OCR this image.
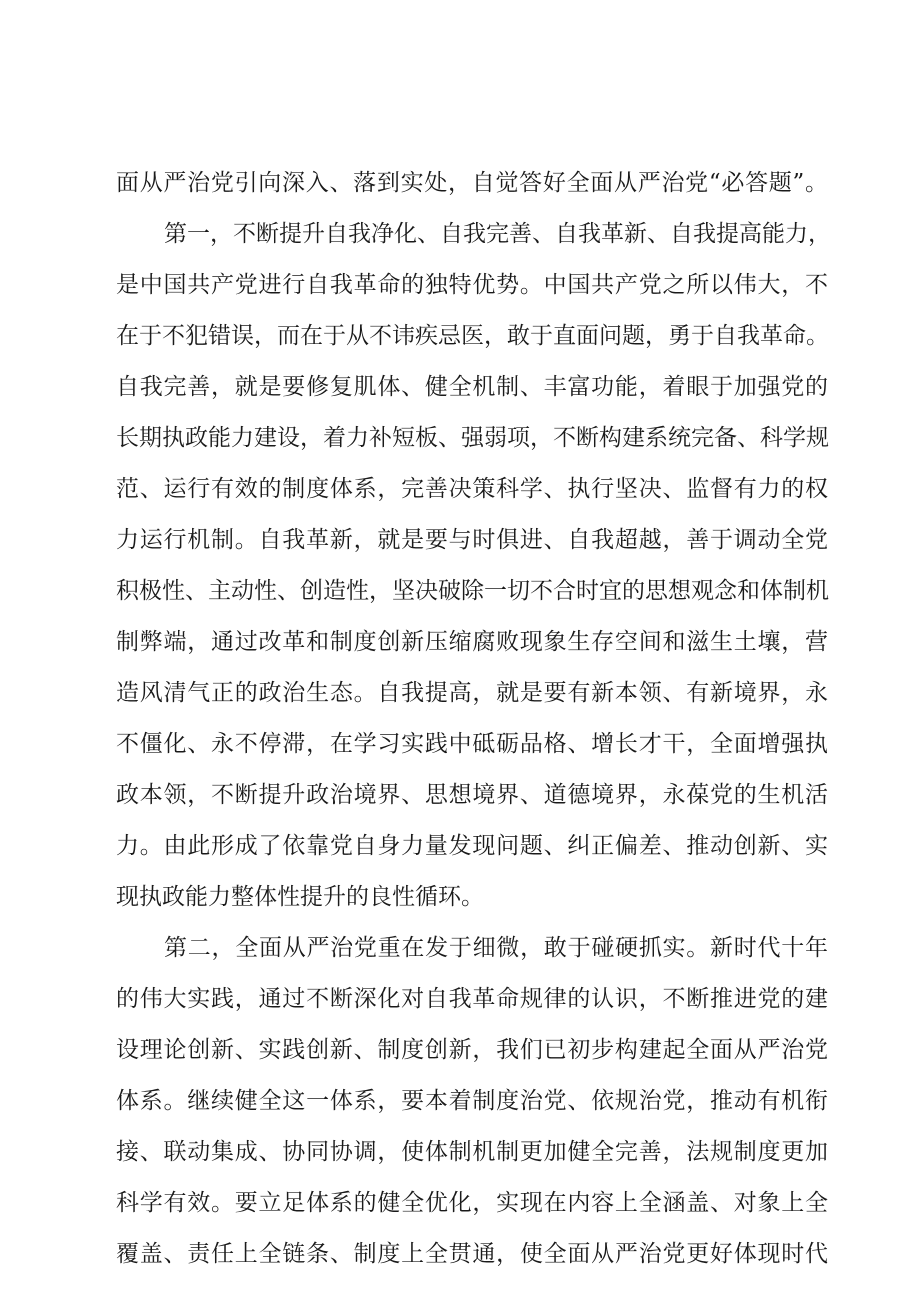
面从严治党引向深入、落到实处，自觉答好全面从严治党“必答题”。
第一，不断提升自我净化、自我完善、自我革新、自我提高能力，
是中国共产党进行自我革命的独特优势。中国共产党之所以伟大，不
在于不犯错误，而在于从不讳疾忌医，敢于直面问题，勇于自我革命。
自我完善，就是要修复肌体、健全机制、丰富功能，着眼于加强党的
长期执政能力建设，着力补短板、强弱项，不断构建系统完备、科学规
范、运行有效的制度体系，完善决策科学、执行坚决、监督有力的权
力运行机制。自我革新，就是要与时俱进、自我超越，善于调动全党
积极性、主动性、创造性，坚决破除一切不合时宜的思想观念和体制机
制弊端，通过改革和制度创新压缩腐败现象生存空间和滋生土壤，营
造风清气正的政治生态。自我提高，就是要有新本领、有新境界，永
不僵化、永不停滞，在学习实践中砥砺品格、增长才干，全面增强执
政本领，不断提升政治境界、思想境界、道德境界，永葆党的生机活
力。由此形成了依靠党自身力量发现问题、纠正偏差、推动创新、实
现执政能力整体性提升的良性循环。
第二，全面从严治党重在发于细微，敢于碰硬抓实。新时代十年
的伟大实践，通过不断深化对自我革命规律的认识，不断推进党的建
设理论创新、实践创新、制度创新，我们已初步构建起全面从严治党
体系。继续健全这一体系，要本着制度治党、依规治党，推动有机衔
接、联动集成、协同协调，使体制机制更加健全完善，法规制度更加
科学有效。要立足体系的健全优化，实现在内容上全涵盖、对象上全
覆盖、责任上全链条、制度上全贯通，使全面从严治党更好体现时代
